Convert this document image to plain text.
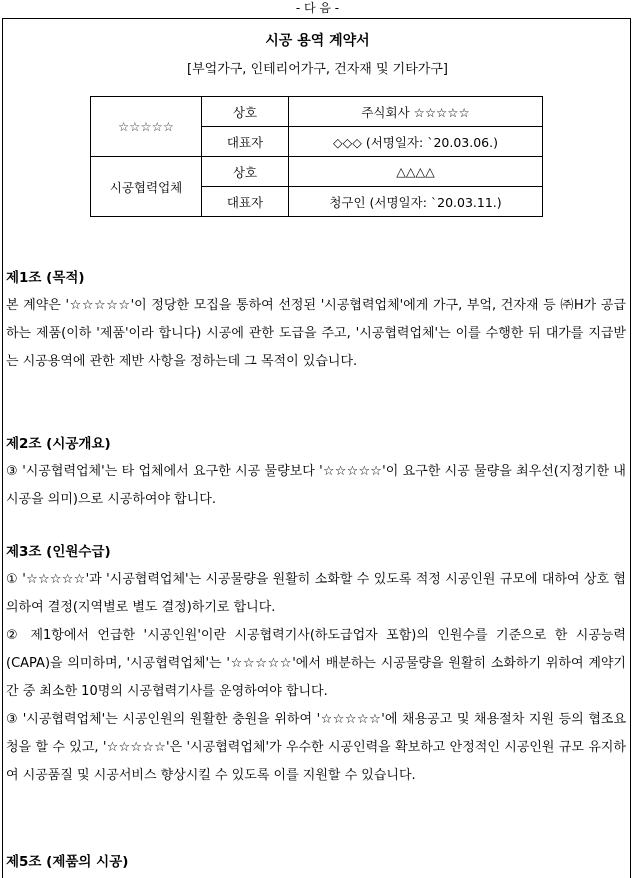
- 다 음 -
시공 용역 계약서
[부엌가구, 인테리어가구, 건자재 및 기타가구]
☆☆☆☆☆	상호	주식회사 ☆☆☆☆☆
	대표자	◇◇◇ (서명일자: `20.03.06.)
시공협력업체	상호	△△△△
	대표자	청구인 (서명일자: `20.03.11.)
제1조 (목적)
본 계약은 '☆☆☆☆☆'이 정당한 모집을 통하여 선정된 '시공협력업체'에게 가구, 부엌, 건자재 등 ㈜H가 공급하는 제품(이하 '제품'이라 합니다) 시공에 관한 도급을 주고, '시공협력업체'는 이를 수행한 뒤 대가를 지급받는 시공용역에 관한 제반 사항을 정하는데 그 목적이 있습니다.
제2조 (시공개요)
③ '시공협력업체'는 타 업체에서 요구한 시공 물량보다 '☆☆☆☆☆'이 요구한 시공 물량을 최우선(지정기한 내 시공을 의미)으로 시공하여야 합니다.
제3조 (인원수급)
① '☆☆☆☆☆'과 '시공협력업체'는 시공물량을 원활히 소화할 수 있도록 적정 시공인원 규모에 대하여 상호 협의하여 결정(지역별로 별도 결정)하기로 합니다.
② 제1항에서 언급한 '시공인원'이란 시공협력기사(하도급업자 포함)의 인원수를 기준으로 한 시공능력(CAPA)을 의미하며, '시공협력업체'는 '☆☆☆☆☆'에서 배분하는 시공물량을 원활히 소화하기 위하여 계약기간 중 최소한 10명의 시공협력기사를 운영하여야 합니다.
③ '시공협력업체'는 시공인원의 원활한 충원을 위하여 '☆☆☆☆☆'에 채용공고 및 채용절차 지원 등의 협조요청을 할 수 있고, '☆☆☆☆☆'은 '시공협력업체'가 우수한 시공인력을 확보하고 안정적인 시공인원 규모 유지하여 시공품질 및 시공서비스 향상시킬 수 있도록 이를 지원할 수 있습니다.
제5조 (제품의 시공)
